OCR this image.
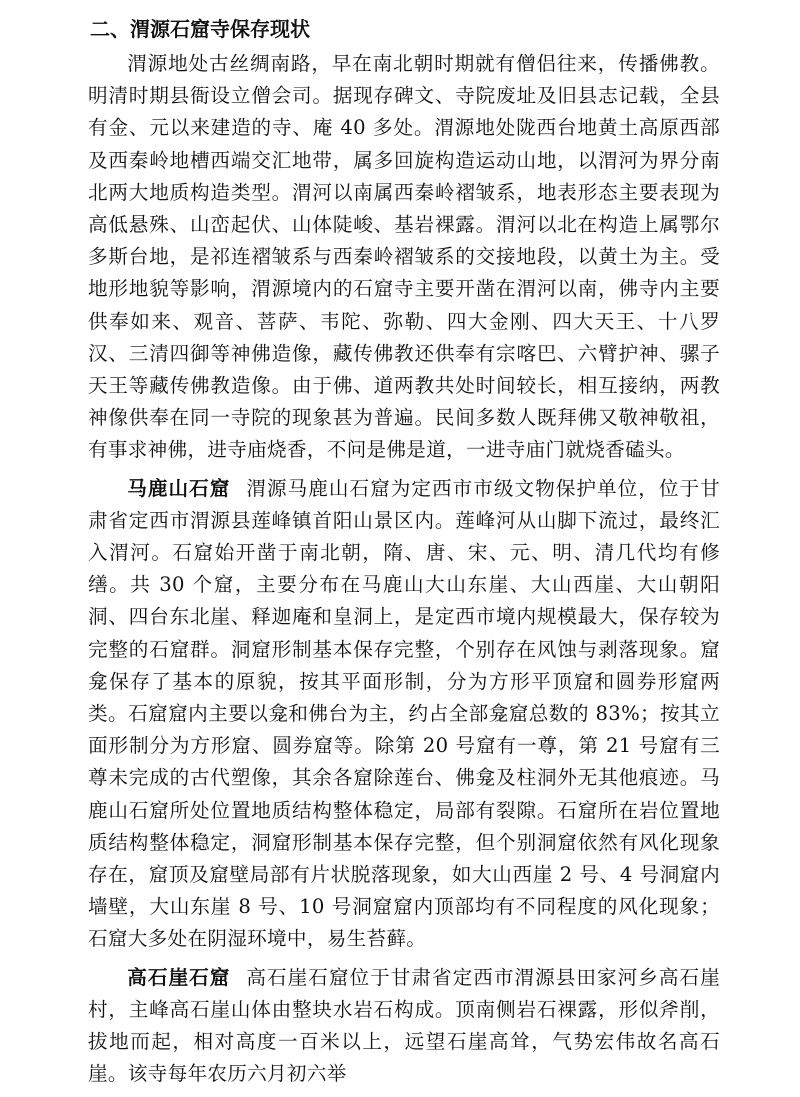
二、渭源石窟寺保存现状

渭源地处古丝绸南路，早在南北朝时期就有僧侣往来，传播佛教。明清时期县衙设立僧会司。据现存碑文、寺院废址及旧县志记载，全县有金、元以来建造的寺、庵 40 多处。渭源地处陇西台地黄土高原西部及西秦岭地槽西端交汇地带，属多回旋构造运动山地，以渭河为界分南北两大地质构造类型。渭河以南属西秦岭褶皱系，地表形态主要表现为高低悬殊、山峦起伏、山体陡峻、基岩裸露。渭河以北在构造上属鄂尔多斯台地，是祁连褶皱系与西秦岭褶皱系的交接地段，以黄土为主。受地形地貌等影响，渭源境内的石窟寺主要开凿在渭河以南，佛寺内主要供奉如来、观音、菩萨、韦陀、弥勒、四大金刚、四大天王、十八罗汉、三清四御等神佛造像，藏传佛教还供奉有宗喀巴、六臂护神、骡子天王等藏传佛教造像。由于佛、道两教共处时间较长，相互接纳，两教神像供奉在同一寺院的现象甚为普遍。民间多数人既拜佛又敬神敬祖，有事求神佛，进寺庙烧香，不问是佛是道，一进寺庙门就烧香磕头。

马鹿山石窟 渭源马鹿山石窟为定西市市级文物保护单位，位于甘肃省定西市渭源县莲峰镇首阳山景区内。莲峰河从山脚下流过，最终汇入渭河。石窟始开凿于南北朝，隋、唐、宋、元、明、清几代均有修缮。共 30 个窟，主要分布在马鹿山大山东崖、大山西崖、大山朝阳洞、四台东北崖、释迦庵和皇洞上，是定西市境内规模最大，保存较为完整的石窟群。洞窟形制基本保存完整，个别存在风蚀与剥落现象。窟龛保存了基本的原貌，按其平面形制，分为方形平顶窟和圆券形窟两类。石窟窟内主要以龛和佛台为主，约占全部龛窟总数的 83%；按其立面形制分为方形窟、圆券窟等。除第 20 号窟有一尊，第 21 号窟有三尊未完成的古代塑像，其余各窟除莲台、佛龛及柱洞外无其他痕迹。马鹿山石窟所处位置地质结构整体稳定，局部有裂隙。石窟所在岩位置地质结构整体稳定，洞窟形制基本保存完整，但个别洞窟依然有风化现象存在，窟顶及窟壁局部有片状脱落现象，如大山西崖 2 号、4 号洞窟内墙壁，大山东崖 8 号、10 号洞窟窟内顶部均有不同程度的风化现象；石窟大多处在阴湿环境中，易生苔藓。

高石崖石窟 高石崖石窟位于甘肃省定西市渭源县田家河乡高石崖村，主峰高石崖山体由整块水岩石构成。顶南侧岩石裸露，形似斧削，拔地而起，相对高度一百米以上，远望石崖高耸，气势宏伟故名高石崖。该寺每年农历六月初六举
